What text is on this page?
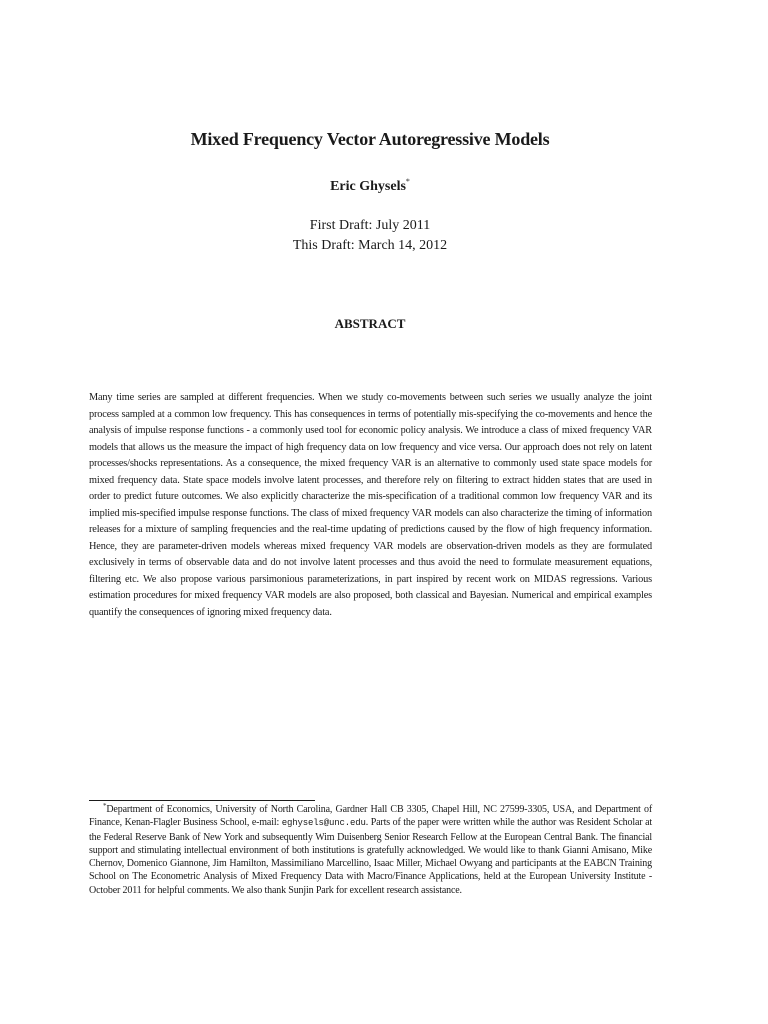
Mixed Frequency Vector Autoregressive Models
Eric Ghysels*
First Draft: July 2011
This Draft: March 14, 2012
ABSTRACT
Many time series are sampled at different frequencies. When we study co-movements between such series we usually analyze the joint process sampled at a common low frequency. This has consequences in terms of potentially mis-specifying the co-movements and hence the analysis of impulse response functions - a commonly used tool for economic policy analysis. We introduce a class of mixed frequency VAR models that allows us the measure the impact of high frequency data on low frequency and vice versa. Our approach does not rely on latent processes/shocks representations. As a consequence, the mixed frequency VAR is an alternative to commonly used state space models for mixed frequency data. State space models involve latent processes, and therefore rely on filtering to extract hidden states that are used in order to predict future outcomes. We also explicitly characterize the mis-specification of a traditional common low frequency VAR and its implied mis-specified impulse response functions. The class of mixed frequency VAR models can also characterize the timing of information releases for a mixture of sampling frequencies and the real-time updating of predictions caused by the flow of high frequency information. Hence, they are parameter-driven models whereas mixed frequency VAR models are observation-driven models as they are formulated exclusively in terms of observable data and do not involve latent processes and thus avoid the need to formulate measurement equations, filtering etc. We also propose various parsimonious parameterizations, in part inspired by recent work on MIDAS regressions. Various estimation procedures for mixed frequency VAR models are also proposed, both classical and Bayesian. Numerical and empirical examples quantify the consequences of ignoring mixed frequency data.
*Department of Economics, University of North Carolina, Gardner Hall CB 3305, Chapel Hill, NC 27599-3305, USA, and Department of Finance, Kenan-Flagler Business School, e-mail: eghysels@unc.edu. Parts of the paper were written while the author was Resident Scholar at the Federal Reserve Bank of New York and subsequently Wim Duisenberg Senior Research Fellow at the European Central Bank. The financial support and stimulating intellectual environment of both institutions is gratefully acknowledged. We would like to thank Gianni Amisano, Mike Chernov, Domenico Giannone, Jim Hamilton, Massimiliano Marcellino, Isaac Miller, Michael Owyang and participants at the EABCN Training School on The Econometric Analysis of Mixed Frequency Data with Macro/Finance Applications, held at the European University Institute - October 2011 for helpful comments. We also thank Sunjin Park for excellent research assistance.
